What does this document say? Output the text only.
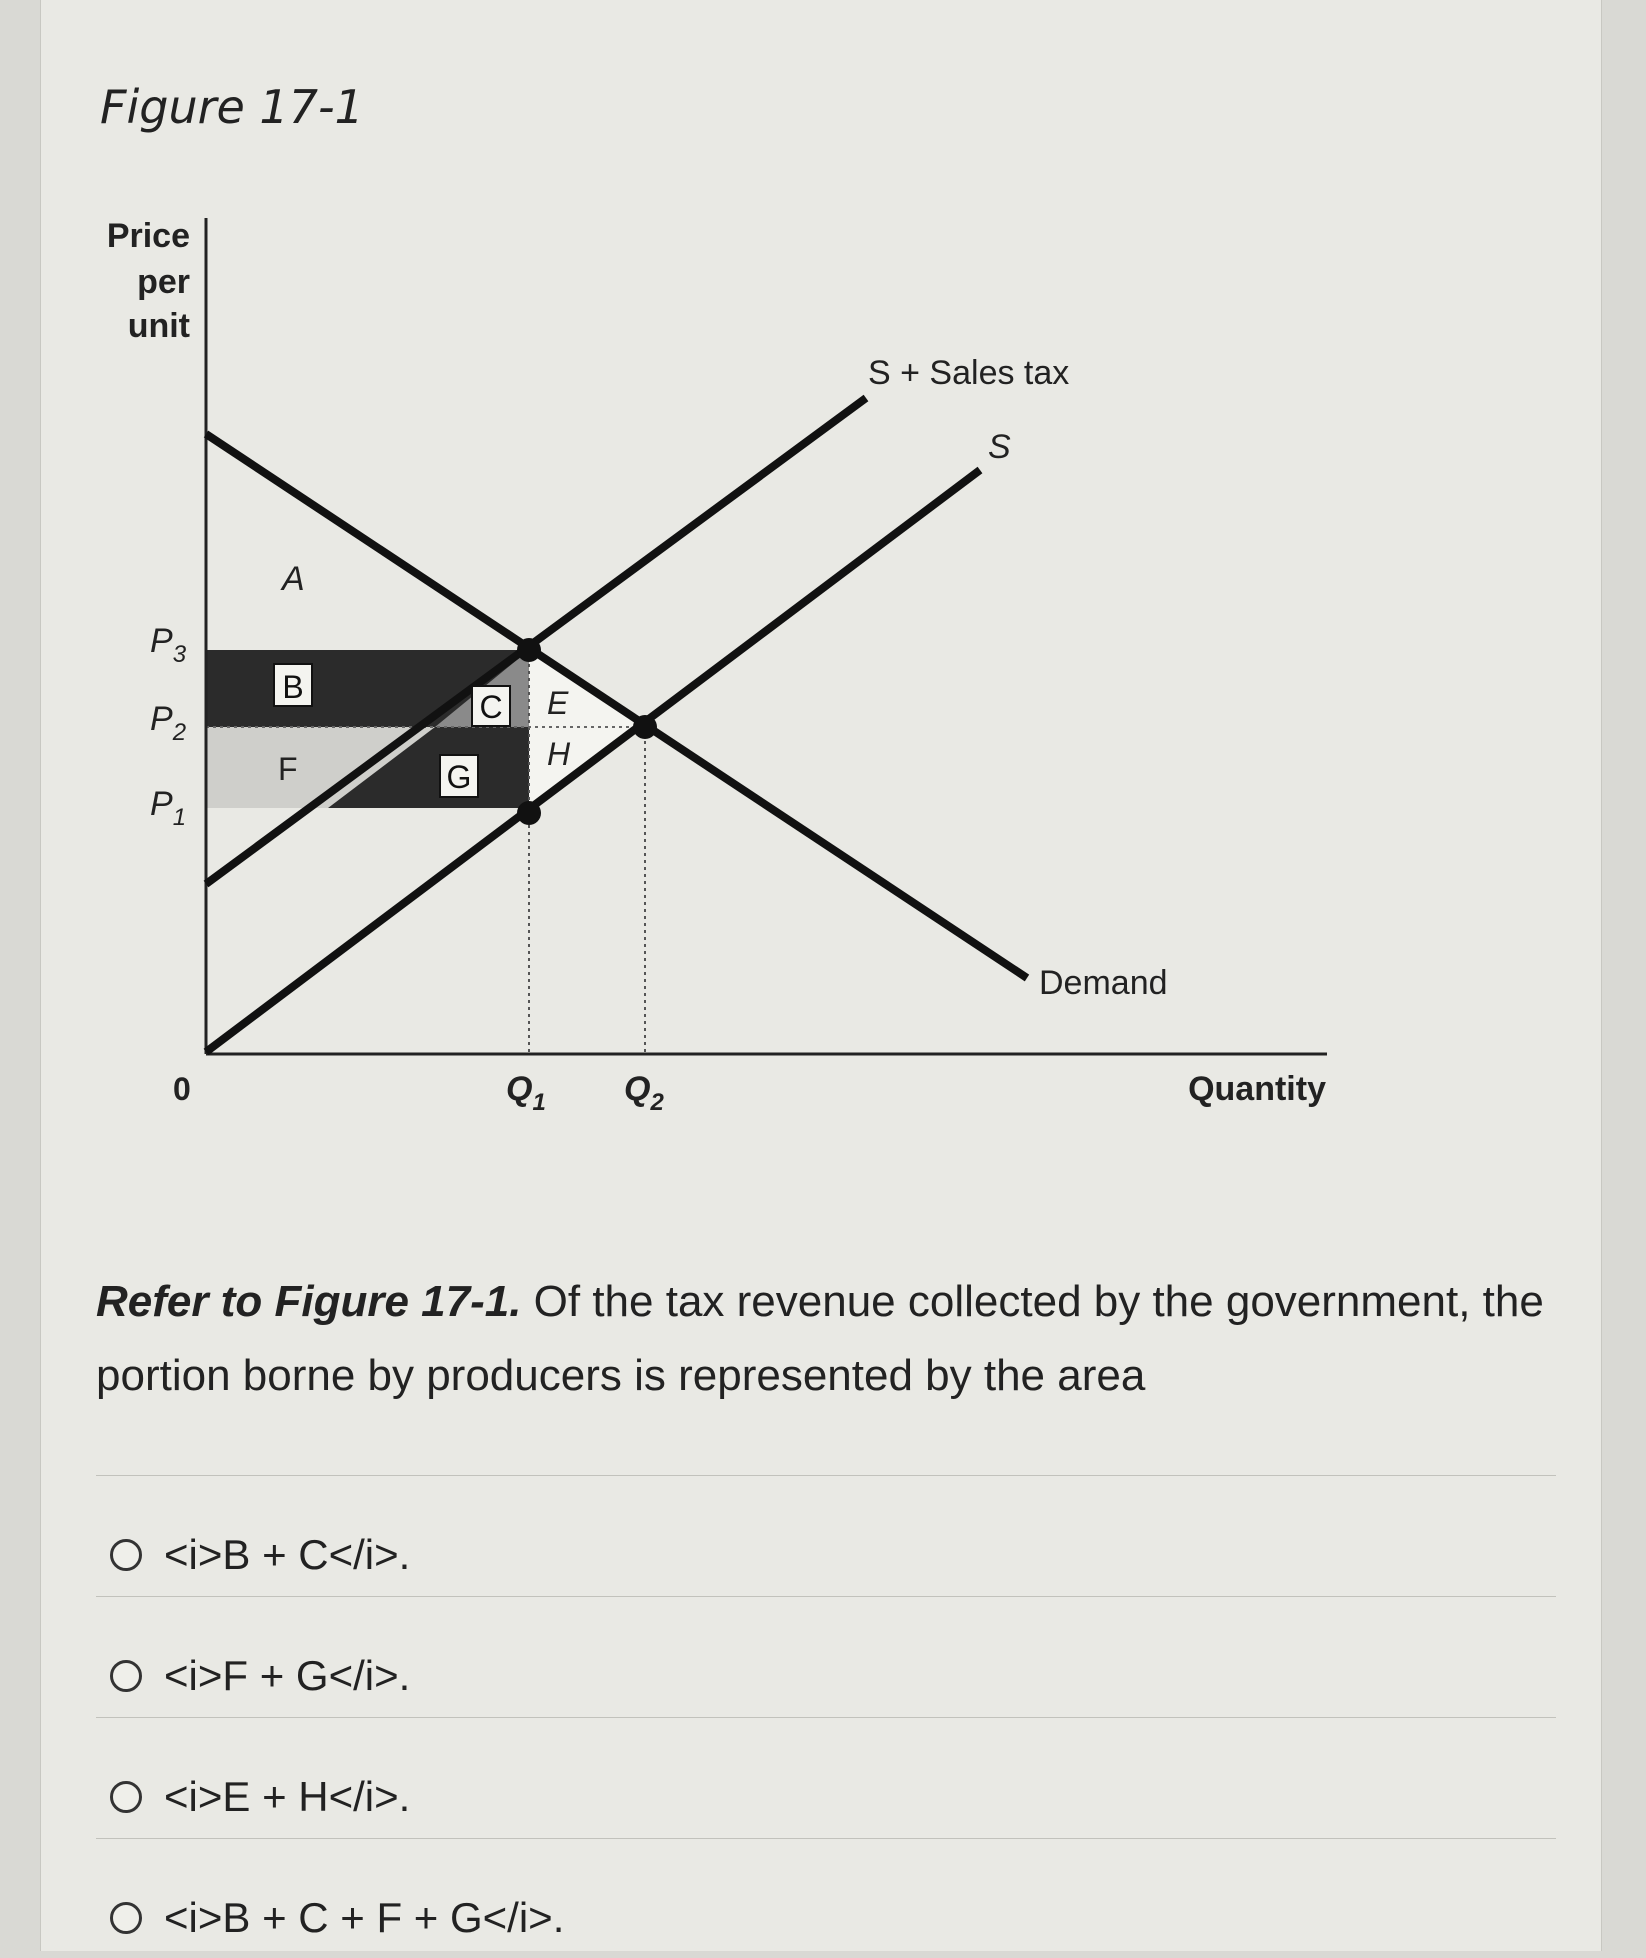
Figure 17-1
Price
per
unit
$P_3$
$P_2$
$P_1$
0	$Q_1$ $Q_2$	Quantity
S + Sales tax
S
Demand
A
B
C E
F	G
H
Refer to Figure 17-1. Of the tax revenue collected by the government, the portion borne by producers is represented by the area
<i>B + C</i>.
<i>F + G</i>.
<i>E + H</i>.
<i>B + C + F + G</i>.
